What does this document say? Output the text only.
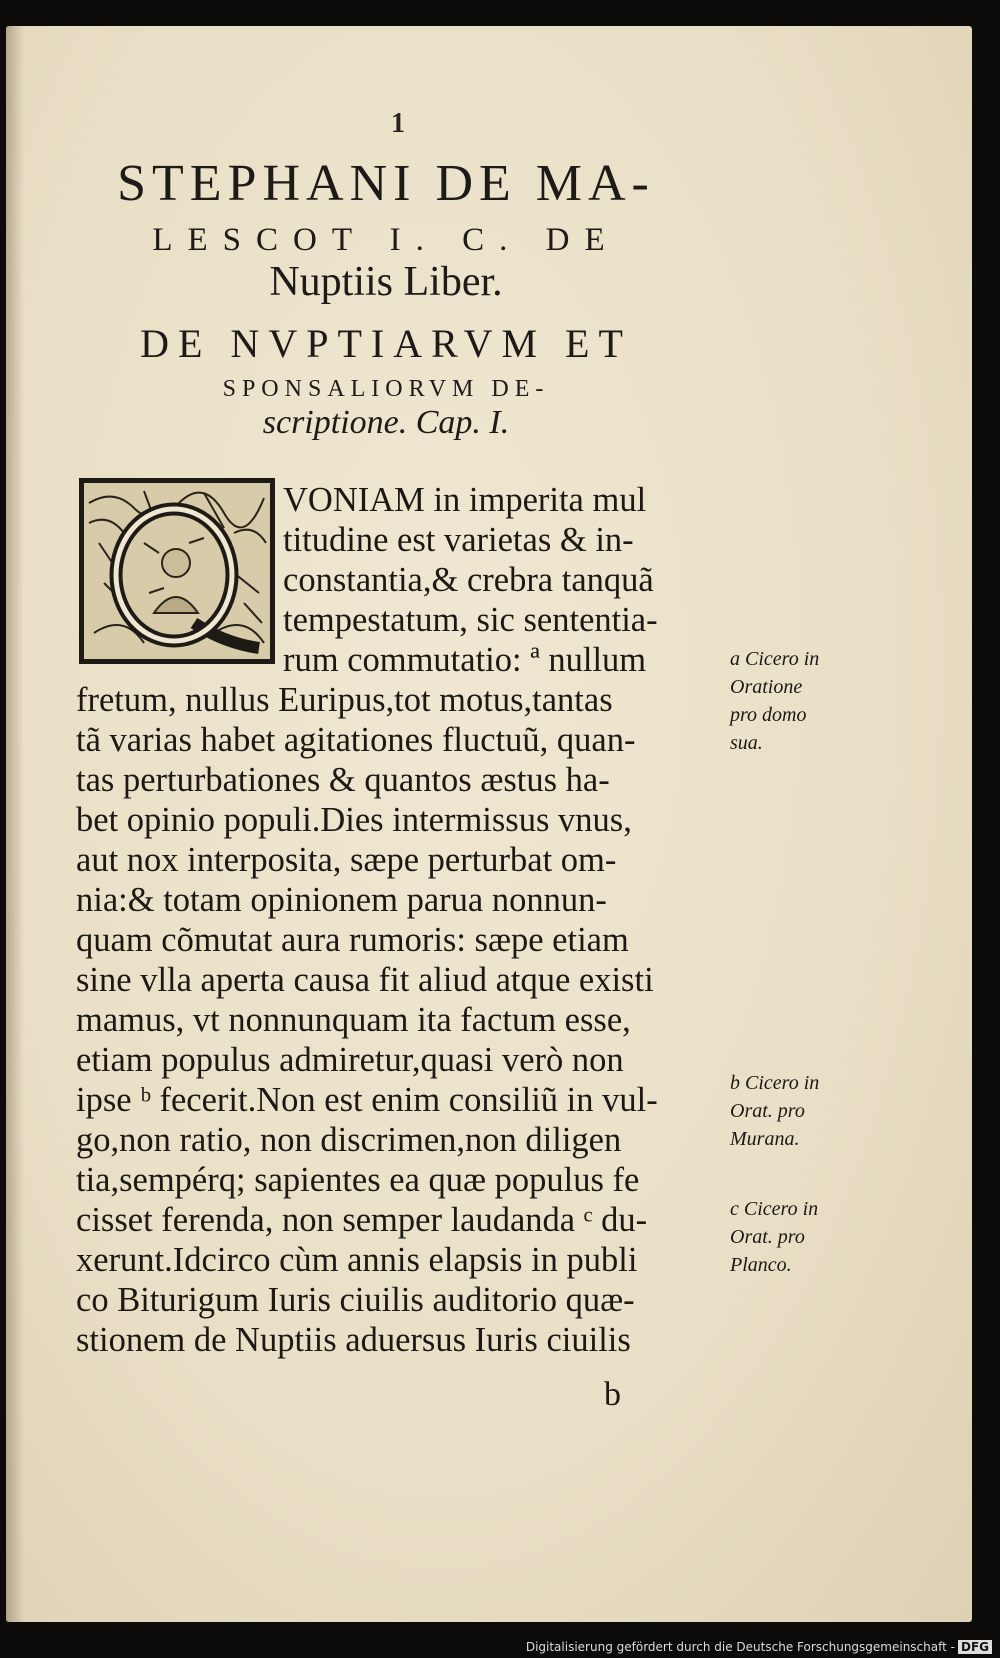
1
STEPHANI DE MA-
LESCOT I. C. DE
Nuptiis Liber.
DE NVPTIARVM ET
SPONSALIORVM DE-
scriptione. Cap. I.
VONIAM in imperita mul
titudine est varietas & in-
constantia,& crebra tanquã
tempestatum, sic sententia-
rum commutatio: ª nullum
fretum, nullus Euripus,tot motus,tantas
tã varias habet agitationes fluctuũ, quan-
tas perturbationes & quantos æstus ha-
bet opinio populi.Dies intermissus vnus,
aut nox interposita, sæpe perturbat om-
nia:& totam opinionem parua nonnun-
quam cõmutat aura rumoris: sæpe etiam
sine vlla aperta causa fit aliud atque existi
mamus, vt nonnunquam ita factum esse,
etiam populus admiretur,quasi verò non
ipse ᵇ fecerit.Non est enim consiliũ in vul-
go,non ratio, non discrimen,non diligen
tia,sempérq; sapientes ea quæ populus fe
cisset ferenda, non semper laudanda ᶜ du-
xerunt.Idcirco cùm annis elapsis in publi
co Biturigum Iuris ciuilis auditorio quæ-
stionem de Nuptiis aduersus Iuris ciuilis
a Cicero in
Oratione
pro domo
sua.
b Cicero in
Orat. pro
Murana.
c Cicero in
Orat. pro
Planco.
b
Digitalisierung gefördert durch die Deutsche Forschungsgemeinschaft - DFG
